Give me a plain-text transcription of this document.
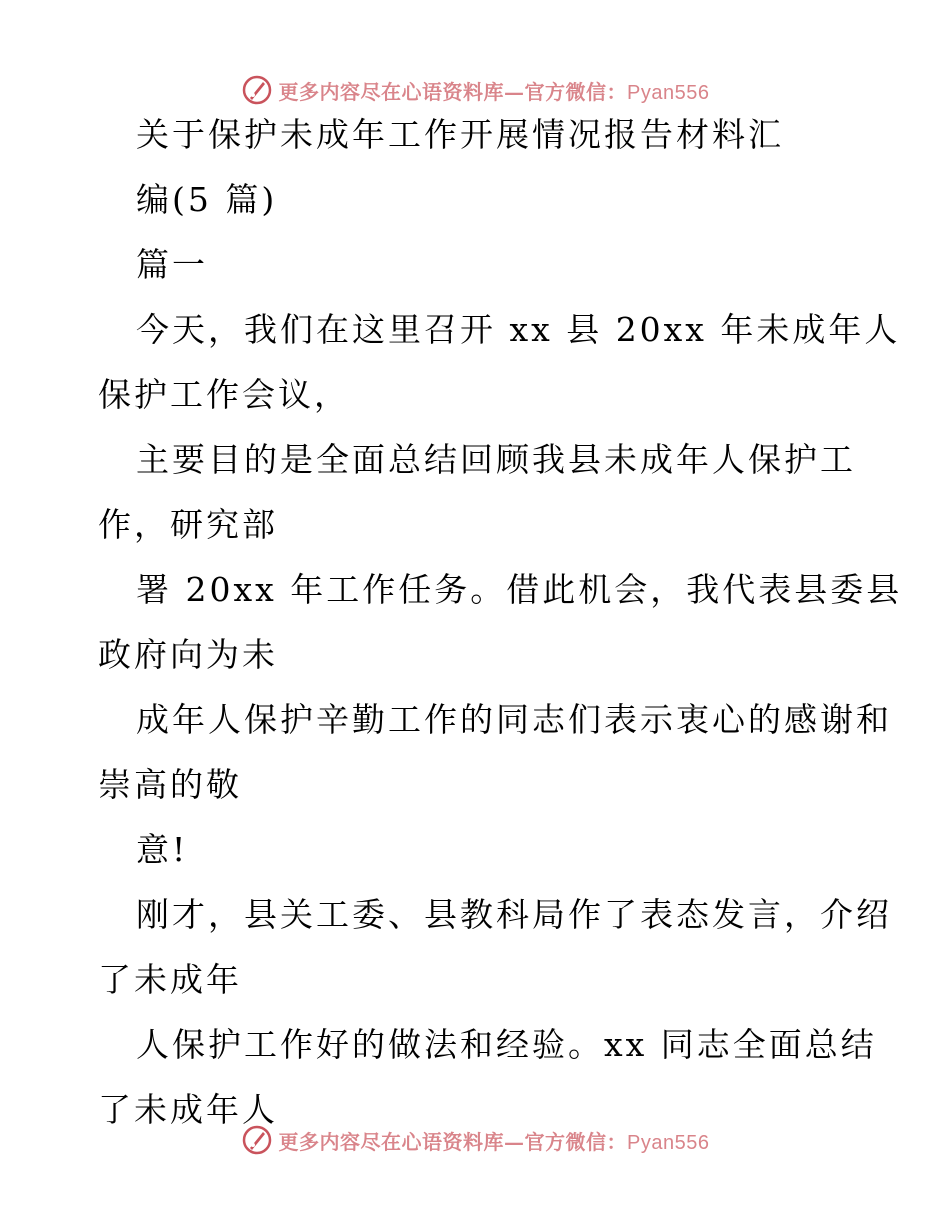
更多内容尽在心语资料库—官方微信：Pyan556
关于保护未成年工作开展情况报告材料汇
编(5 篇)
篇一
今天，我们在这里召开 xx 县 20xx 年未成年人
保护工作会议，
主要目的是全面总结回顾我县未成年人保护工
作，研究部
署 20xx 年工作任务。借此机会，我代表县委县
政府向为未
成年人保护辛勤工作的同志们表示衷心的感谢和
崇高的敬
意!
刚才，县关工委、县教科局作了表态发言，介绍
了未成年
人保护工作好的做法和经验。xx 同志全面总结
了未成年人
更多内容尽在心语资料库—官方微信：Pyan556
